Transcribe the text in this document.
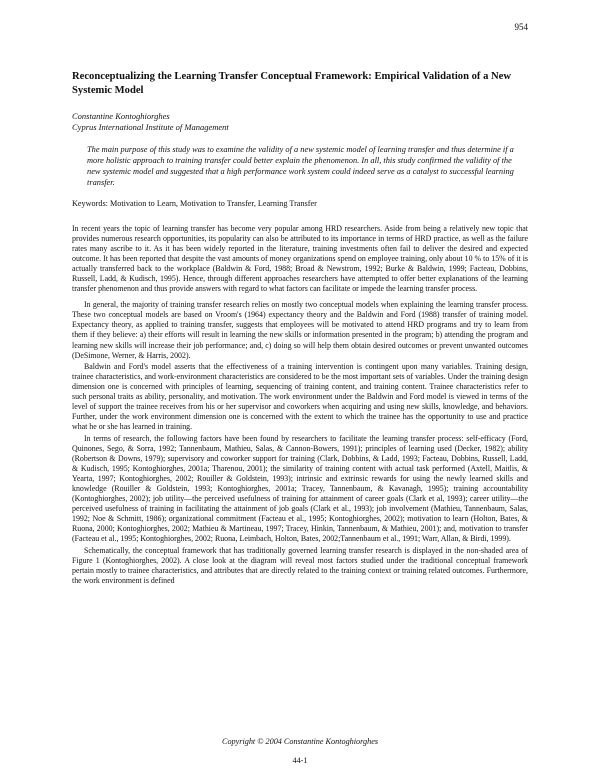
954
Reconceptualizing the Learning Transfer Conceptual Framework: Empirical Validation of a New Systemic Model
Constantine Kontoghiorghes
Cyprus International Institute of Management

The main purpose of this study was to examine the validity of a new systemic model of learning transfer and thus determine if a more holistic approach to training transfer could better explain the phenomenon. In all, this study confirmed the validity of the new systemic model and suggested that a high performance work system could indeed serve as a catalyst to successful learning transfer.

Keywords: Motivation to Learn, Motivation to Transfer, Learning Transfer

In recent years the topic of learning transfer has become very popular among HRD researchers. Aside from being a relatively new topic that provides numerous research opportunities, its popularity can also be attributed to its importance in terms of HRD practice, as well as the failure rates many ascribe to it. As it has been widely reported in the literature, training investments often fail to deliver the desired and expected outcome. It has been reported that despite the vast amounts of money organizations spend on employee training, only about 10 % to 15% of it is actually transferred back to the workplace (Baldwin & Ford, 1988; Broad & Newstrom, 1992; Burke & Baldwin, 1999; Facteau, Dobbins, Russell, Ladd, & Kudisch, 1995). Hence, through different approaches researchers have attempted to offer better explanations of the learning transfer phenomenon and thus provide answers with regard to what factors can facilitate or impede the learning transfer process.

In general, the majority of training transfer research relies on mostly two conceptual models when explaining the learning transfer process. These two conceptual models are based on Vroom's (1964) expectancy theory and the Baldwin and Ford (1988) transfer of training model. Expectancy theory, as applied to training transfer, suggests that employees will be motivated to attend HRD programs and try to learn from them if they believe: a) their efforts will result in learning the new skills or information presented in the program; b) attending the program and learning new skills will increase their job performance; and, c) doing so will help them obtain desired outcomes or prevent unwanted outcomes (DeSimone, Werner, & Harris, 2002).

Baldwin and Ford's model asserts that the effectiveness of a training intervention is contingent upon many variables. Training design, trainee characteristics, and work-environment characteristics are considered to be the most important sets of variables. Under the training design dimension one is concerned with principles of learning, sequencing of training content, and training content. Trainee characteristics refer to such personal traits as ability, personality, and motivation. The work environment under the Baldwin and Ford model is viewed in terms of the level of support the trainee receives from his or her supervisor and coworkers when acquiring and using new skills, knowledge, and behaviors. Further, under the work environment dimension one is concerned with the extent to which the trainee has the opportunity to use and practice what he or she has learned in training.

In terms of research, the following factors have been found by researchers to facilitate the learning transfer process: self-efficacy (Ford, Quinones, Sego, & Sorra, 1992; Tannenbaum, Mathieu, Salas, & Cannon-Bowers, 1991); principles of learning used (Decker, 1982); ability (Robertson & Downs, 1979); supervisory and coworker support for training (Clark, Dobbins, & Ladd, 1993; Facteau, Dobbins, Russell, Ladd, & Kudisch, 1995; Kontoghiorghes, 2001a; Tharenou, 2001); the similarity of training content with actual task performed (Axtell, Maitlis, & Yearta, 1997; Kontoghiorghes, 2002; Rouiller & Goldstein, 1993); intrinsic and extrinsic rewards for using the newly learned skills and knowledge (Rouiller & Goldstein, 1993; Kontoghiorghes, 2001a; Tracey, Tannenbaum, & Kavanagh, 1995); training accountability (Kontoghiorghes, 2002); job utility—the perceived usefulness of training for attainment of career goals (Clark et al, 1993); career utility—the perceived usefulness of training in facilitating the attainment of job goals (Clark et al., 1993); job involvement (Mathieu, Tannenbaum, Salas, 1992; Noe & Schmitt, 1986); organizational commitment (Facteau et al., 1995; Kontoghiorghes, 2002); motivation to learn (Holton, Bates, & Ruona, 2000; Kontoghiorghes, 2002; Mathieu & Martineau, 1997; Tracey, Hinkin, Tannenbaum, & Mathieu, 2001); and, motivation to transfer (Facteau et al., 1995; Kontoghiorghes, 2002; Ruona, Leimbach, Holton, Bates, 2002;Tannenbaum et al., 1991; Warr, Allan, & Birdi, 1999).

Schematically, the conceptual framework that has traditionally governed learning transfer research is displayed in the non-shaded area of Figure 1 (Kontoghiorghes, 2002). A close look at the diagram will reveal most factors studied under the traditional conceptual framework pertain mostly to trainee characteristics, and attributes that are directly related to the training context or training related outcomes. Furthermore, the work environment is defined

Copyright © 2004 Constantine Kontoghiorghes
44-1
